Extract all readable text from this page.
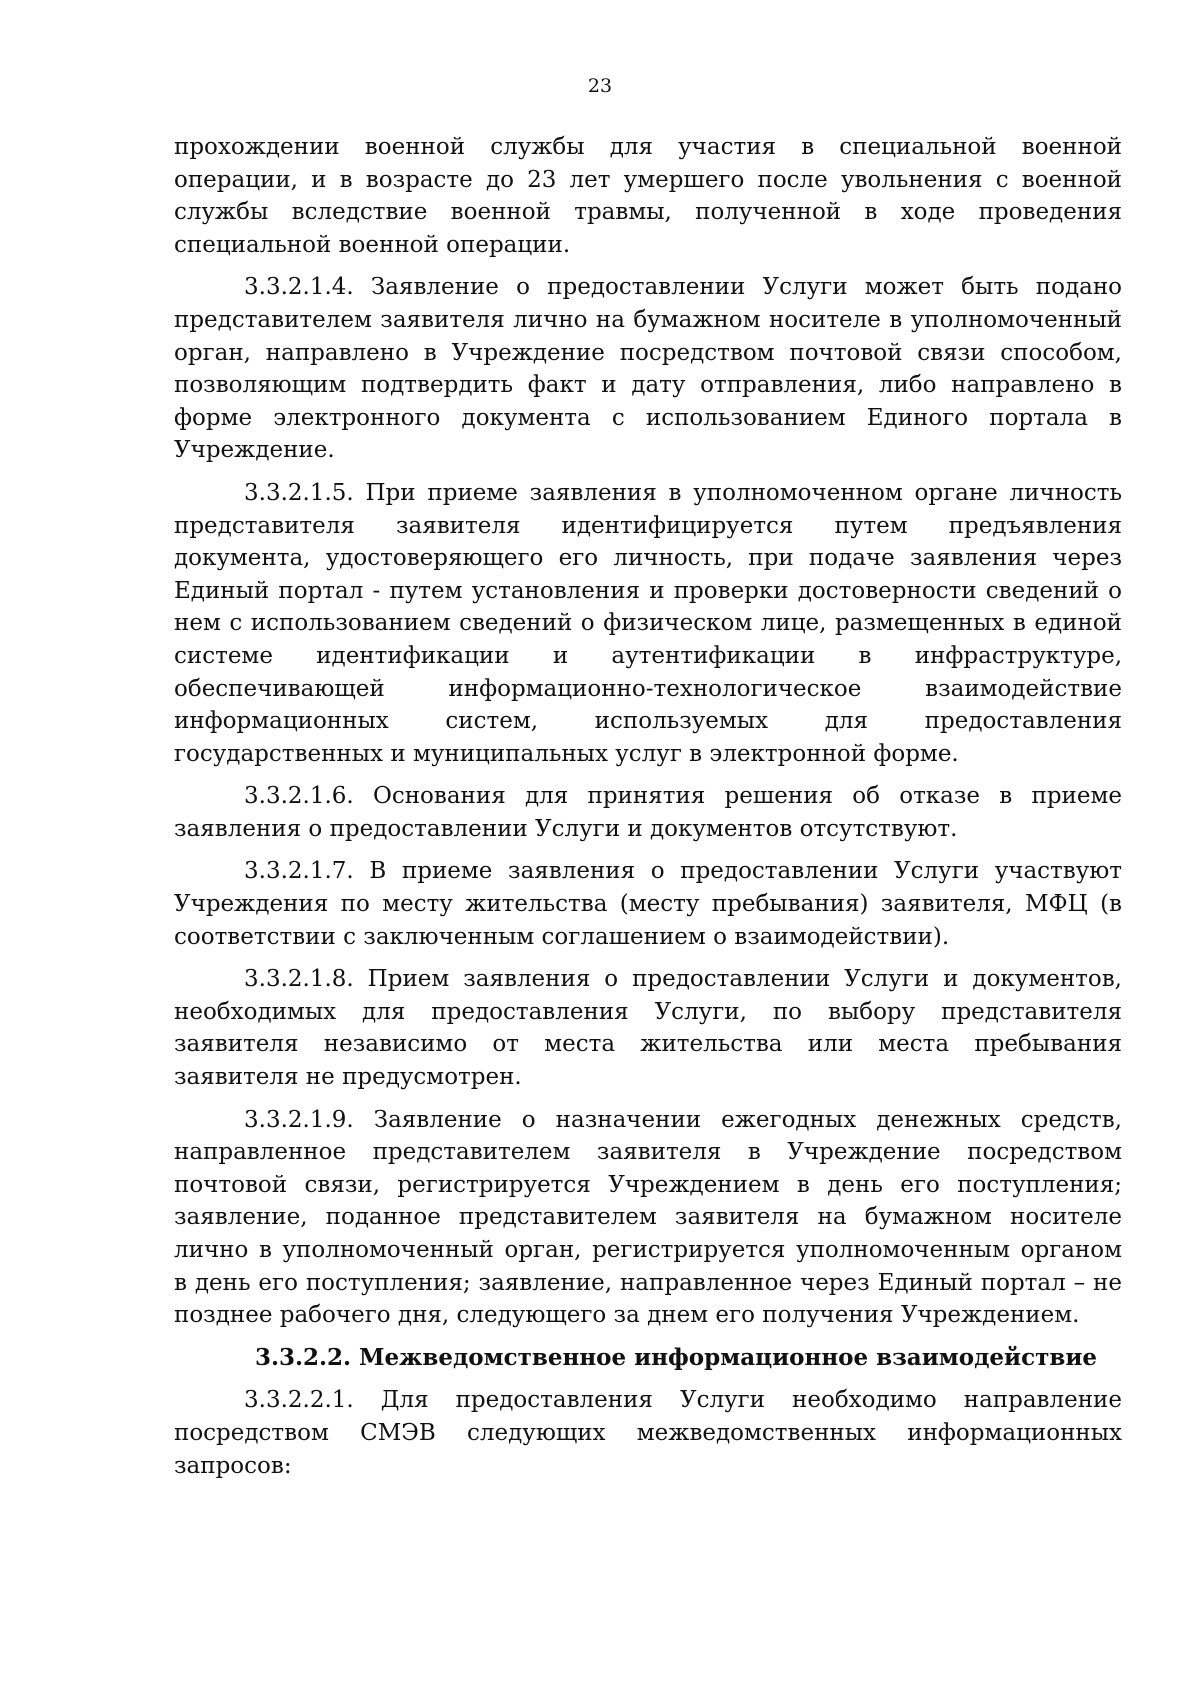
23

прохождении военной службы для участия в специальной военной операции, и в возрасте до 23 лет умершего после увольнения с военной службы вследствие военной травмы, полученной в ходе проведения специальной военной операции.

3.3.2.1.4. Заявление о предоставлении Услуги может быть подано представителем заявителя лично на бумажном носителе в уполномоченный орган, направлено в Учреждение посредством почтовой связи способом, позволяющим подтвердить факт и дату отправления, либо направлено в форме электронного документа с использованием Единого портала в Учреждение.

3.3.2.1.5. При приеме заявления в уполномоченном органе личность представителя заявителя идентифицируется путем предъявления документа, удостоверяющего его личность, при подаче заявления через Единый портал - путем установления и проверки достоверности сведений о нем с использованием сведений о физическом лице, размещенных в единой системе идентификации и аутентификации в инфраструктуре, обеспечивающей информационно-технологическое взаимодействие информационных систем, используемых для предоставления государственных и муниципальных услуг в электронной форме.

3.3.2.1.6. Основания для принятия решения об отказе в приеме заявления о предоставлении Услуги и документов отсутствуют.

3.3.2.1.7. В приеме заявления о предоставлении Услуги участвуют Учреждения по месту жительства (месту пребывания) заявителя, МФЦ (в соответствии с заключенным соглашением о взаимодействии).

3.3.2.1.8. Прием заявления о предоставлении Услуги и документов, необходимых для предоставления Услуги, по выбору представителя заявителя независимо от места жительства или места пребывания заявителя не предусмотрен.

3.3.2.1.9. Заявление о назначении ежегодных денежных средств, направленное представителем заявителя в Учреждение посредством почтовой связи, регистрируется Учреждением в день его поступления; заявление, поданное представителем заявителя на бумажном носителе лично в уполномоченный орган, регистрируется уполномоченным органом в день его поступления; заявление, направленное через Единый портал – не позднее рабочего дня, следующего за днем его получения Учреждением.

3.3.2.2. Межведомственное информационное взаимодействие

3.3.2.2.1. Для предоставления Услуги необходимо направление посредством СМЭВ следующих межведомственных информационных запросов:
